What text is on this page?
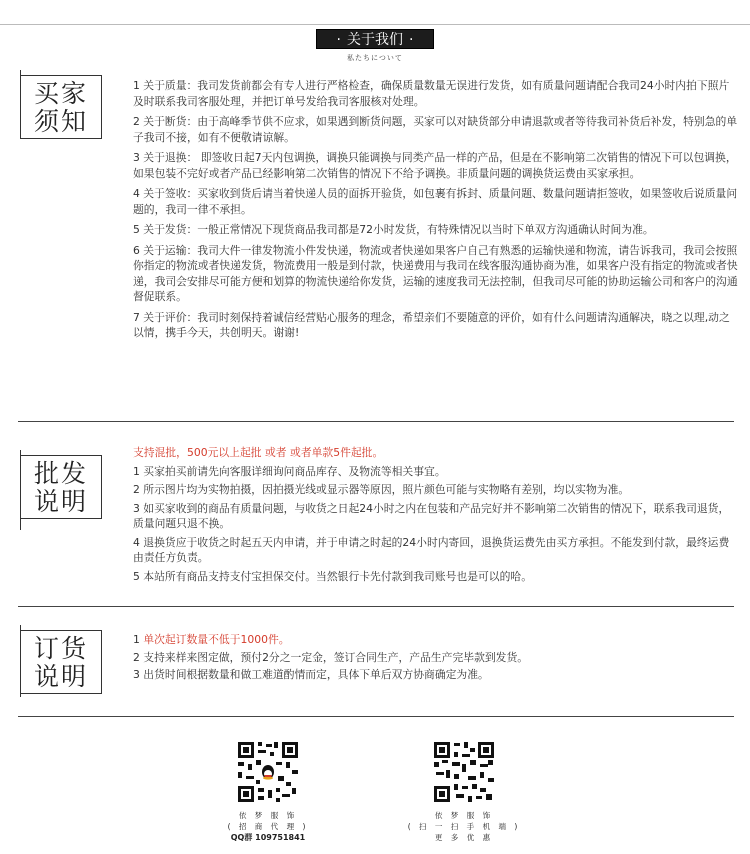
· 关于我们 ·
私たちについて
买家
须知

1 关于质量：我司发货前都会有专人进行严格检查，确保质量数量无误进行发货，如有质量问题请配合我司24小时内拍下照片及时联系我司客服处理，并把订单号发给我司客服核对处理。

2 关于断货：由于高峰季节供不应求，如果遇到断货问题，买家可以对缺货部分申请退款或者等待我司补货后补发，特别急的单子我司不接，如有不便敬请谅解。

3 关于退换： 即签收日起7天内包调换，调换只能调换与同类产品一样的产品，但是在不影响第二次销售的情况下可以包调换，如果包装不完好或者产品已经影响第二次销售的情况下不给予调换。非质量问题的调换货运费由买家承担。

4 关于签收：买家收到货后请当着快递人员的面拆开验货，如包裹有拆封、质量问题、数量问题请拒签收，如果签收后说质量问题的，我司一律不承担。

5 关于发货：一般正常情况下现货商品我司都是72小时发货，有特殊情况以当时下单双方沟通确认时间为准。

6 关于运输：我司大件一律发物流小件发快递，物流或者快递如果客户自己有熟悉的运输快递和物流，请告诉我司，我司会按照你指定的物流或者快递发货，物流费用一般是到付款，快递费用与我司在线客服沟通协商为准，如果客户没有指定的物流或者快递，我司会安排尽可能方便和划算的物流快递给你发货，运输的速度我司无法控制，但我司尽可能的协助运输公司和客户的沟通督促联系。

7 关于评价：我司时刻保持着诚信经营贴心服务的理念，希望亲们不要随意的评价，如有什么问题请沟通解决，晓之以理,动之以情，携手今天，共创明天。谢谢!

批发
说明

支持混批，500元以上起批 或者 或者单款5件起批。

1 买家拍买前请先向客服详细询问商品库存、及物流等相关事宜。

2 所示图片均为实物拍摄，因拍摄光线或显示器等原因，照片颜色可能与实物略有差别，均以实物为准。

3 如买家收到的商品有质量问题，与收货之日起24小时之内在包装和产品完好并不影响第二次销售的情况下，联系我司退货，质量问题只退不换。

4 退换货应于收货之时起五天内申请，并于申请之时起的24小时内寄回，退换货运费先由买方承担。不能发到付款，最终运费由责任方负责。

5 本站所有商品支持支付宝担保交付。当然银行卡先付款到我司账号也是可以的哈。

订货
说明

1 单次起订数量不低于1000件。

2 支持来样来图定做，预付2分之一定金，签订合同生产，产品生产完毕款到发货。

3 出货时间根据数量和做工难道酌情而定，具体下单后双方协商确定为准。

依 梦 服 饰
( 招 商 代 理 )
QQ群 109751841
依 梦 服 饰
( 扫 一 扫 手 机 端 )
更 多 优 惠
